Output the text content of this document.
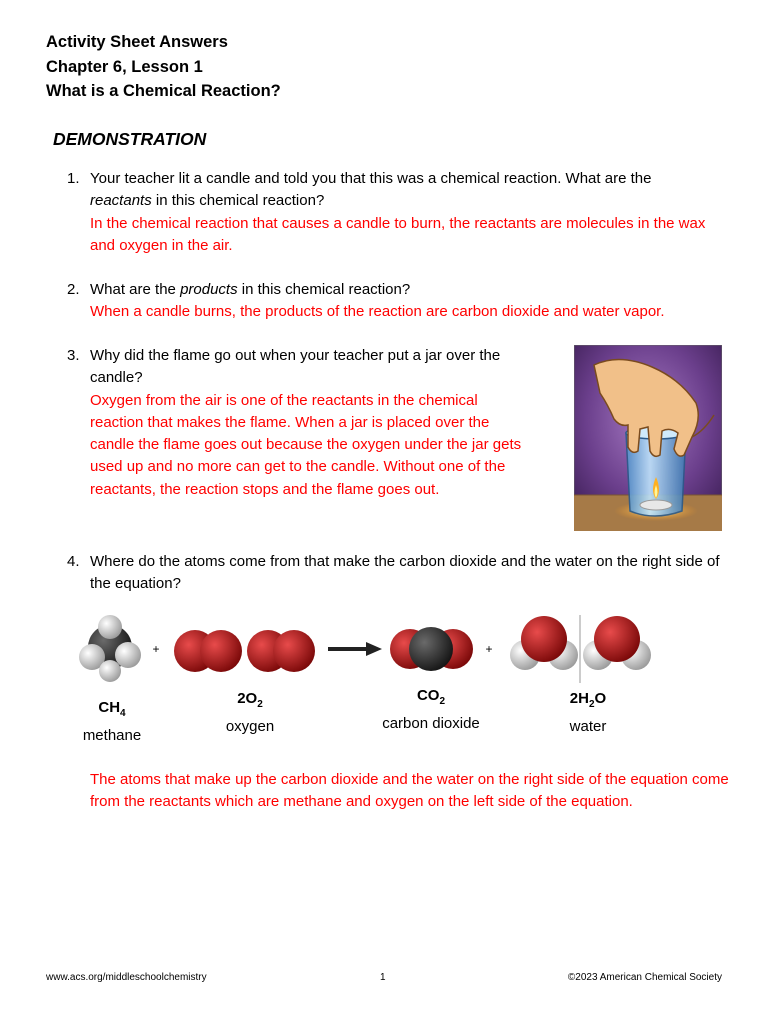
Activity Sheet Answers
Chapter 6, Lesson 1
What is a Chemical Reaction?
DEMONSTRATION
1. Your teacher lit a candle and told you that this was a chemical reaction. What are the reactants in this chemical reaction?
In the chemical reaction that causes a candle to burn, the reactants are molecules in the wax and oxygen in the air.
2. What are the products in this chemical reaction?
When a candle burns, the products of the reaction are carbon dioxide and water vapor.
3. Why did the flame go out when your teacher put a jar over the candle?
Oxygen from the air is one of the reactants in the chemical reaction that makes the flame. When a jar is placed over the candle the flame goes out because the oxygen under the jar gets used up and no more can get to the candle. Without one of the reactants, the reaction stops and the flame goes out.
4. Where do the atoms come from that make the carbon dioxide and the water on the right side of the equation?
+	+
$CH_4$
methane
$2O_2$
oxygen
$CO_2$
carbon dioxide
$2H_2O$
water
The atoms that make up the carbon dioxide and the water on the right side of the equation come from the reactants which are methane and oxygen on the left side of the equation.
www.acs.org/middleschoolchemistry	1	©2023 American Chemical Society
